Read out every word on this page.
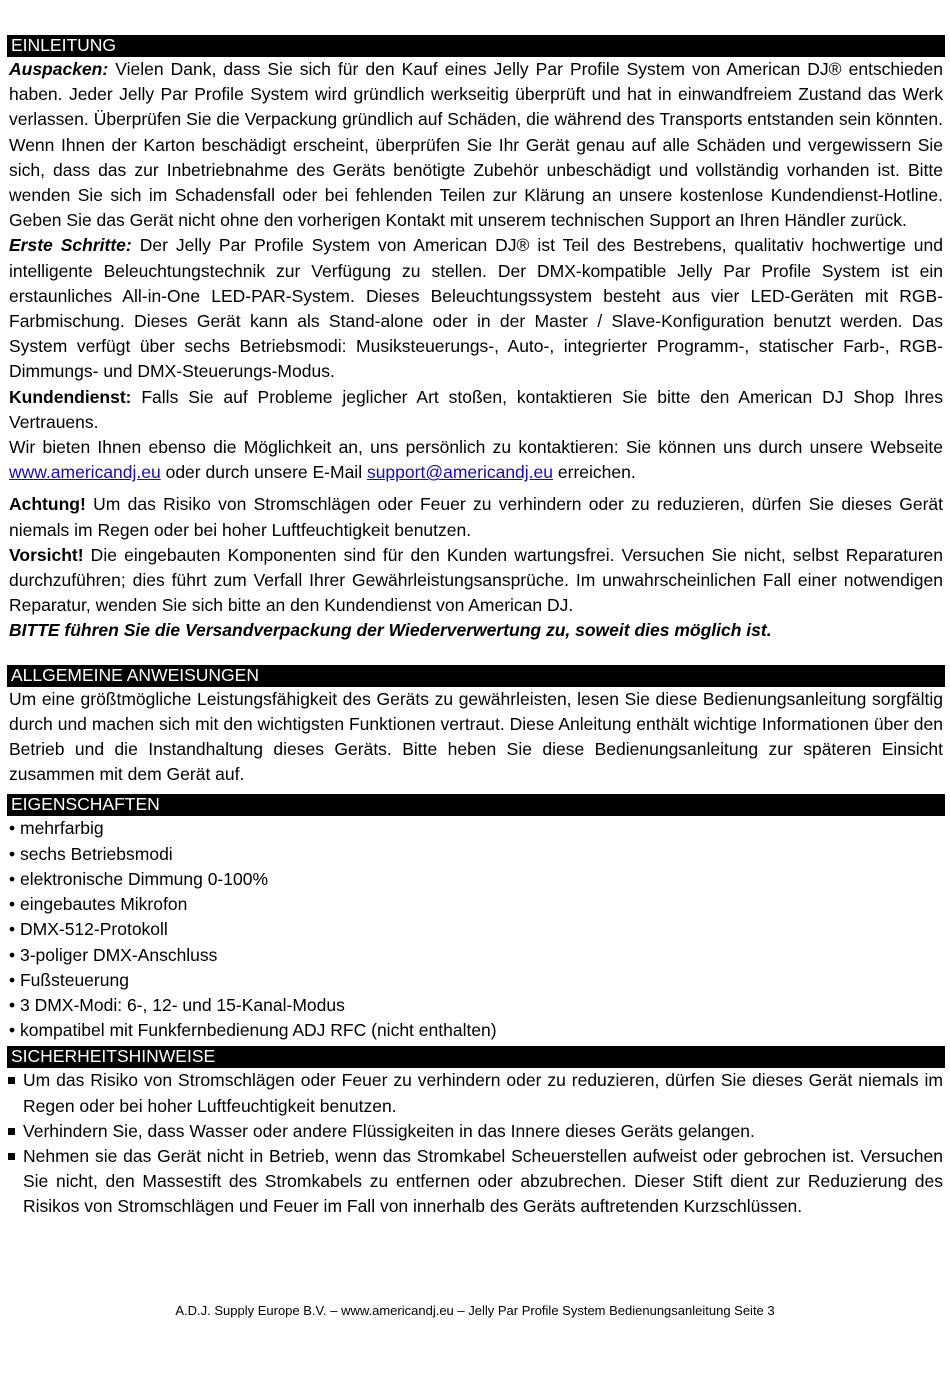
EINLEITUNG

Auspacken: Vielen Dank, dass Sie sich für den Kauf eines Jelly Par Profile System von American DJ® entschieden haben. Jeder Jelly Par Profile System wird gründlich werkseitig überprüft und hat in einwandfreiem Zustand das Werk verlassen. Überprüfen Sie die Verpackung gründlich auf Schäden, die während des Transports entstanden sein könnten. Wenn Ihnen der Karton beschädigt erscheint, überprüfen Sie Ihr Gerät genau auf alle Schäden und vergewissern Sie sich, dass das zur Inbetriebnahme des Geräts benötigte Zubehör unbeschädigt und vollständig vorhanden ist. Bitte wenden Sie sich im Schadensfall oder bei fehlenden Teilen zur Klärung an unsere kostenlose Kundendienst-Hotline. Geben Sie das Gerät nicht ohne den vorherigen Kontakt mit unserem technischen Support an Ihren Händler zurück.

Erste Schritte: Der Jelly Par Profile System von American DJ® ist Teil des Bestrebens, qualitativ hochwertige und intelligente Beleuchtungstechnik zur Verfügung zu stellen. Der DMX-kompatible Jelly Par Profile System ist ein erstaunliches All-in-One LED-PAR-System. Dieses Beleuchtungssystem besteht aus vier LED-Geräten mit RGB-Farbmischung. Dieses Gerät kann als Stand-alone oder in der Master / Slave-Konfiguration benutzt werden. Das System verfügt über sechs Betriebsmodi: Musiksteuerungs-, Auto-, integrierter Programm-, statischer Farb-, RGB-Dimmungs- und DMX-Steuerungs-Modus.

Kundendienst: Falls Sie auf Probleme jeglicher Art stoßen, kontaktieren Sie bitte den American DJ Shop Ihres Vertrauens.

Wir bieten Ihnen ebenso die Möglichkeit an, uns persönlich zu kontaktieren: Sie können uns durch unsere Webseite www.americandj.eu oder durch unsere E-Mail support@americandj.eu erreichen.

Achtung! Um das Risiko von Stromschlägen oder Feuer zu verhindern oder zu reduzieren, dürfen Sie dieses Gerät niemals im Regen oder bei hoher Luftfeuchtigkeit benutzen.

Vorsicht! Die eingebauten Komponenten sind für den Kunden wartungsfrei. Versuchen Sie nicht, selbst Reparaturen durchzuführen; dies führt zum Verfall Ihrer Gewährleistungsansprüche. Im unwahrscheinlichen Fall einer notwendigen Reparatur, wenden Sie sich bitte an den Kundendienst von American DJ.

BITTE führen Sie die Versandverpackung der Wiederverwertung zu, soweit dies möglich ist.

ALLGEMEINE ANWEISUNGEN

Um eine größtmögliche Leistungsfähigkeit des Geräts zu gewährleisten, lesen Sie diese Bedienungsanleitung sorgfältig durch und machen sich mit den wichtigsten Funktionen vertraut. Diese Anleitung enthält wichtige Informationen über den Betrieb und die Instandhaltung dieses Geräts. Bitte heben Sie diese Bedienungsanleitung zur späteren Einsicht zusammen mit dem Gerät auf.

EIGENSCHAFTEN
• mehrfarbig
• sechs Betriebsmodi
• elektronische Dimmung 0-100%
• eingebautes Mikrofon
• DMX-512-Protokoll
• 3-poliger DMX-Anschluss
• Fußsteuerung
• 3 DMX-Modi: 6-, 12- und 15-Kanal-Modus
• kompatibel mit Funkfernbedienung ADJ RFC (nicht enthalten)
SICHERHEITSHINWEISE
Um das Risiko von Stromschlägen oder Feuer zu verhindern oder zu reduzieren, dürfen Sie dieses Gerät niemals im Regen oder bei hoher Luftfeuchtigkeit benutzen.
Verhindern Sie, dass Wasser oder andere Flüssigkeiten in das Innere dieses Geräts gelangen.
Nehmen sie das Gerät nicht in Betrieb, wenn das Stromkabel Scheuerstellen aufweist oder gebrochen ist. Versuchen Sie nicht, den Massestift des Stromkabels zu entfernen oder abzubrechen. Dieser Stift dient zur Reduzierung des Risikos von Stromschlägen und Feuer im Fall von innerhalb des Geräts auftretenden Kurzschlüssen.
A.D.J. Supply Europe B.V. – www.americandj.eu – Jelly Par Profile System Bedienungsanleitung Seite 3
